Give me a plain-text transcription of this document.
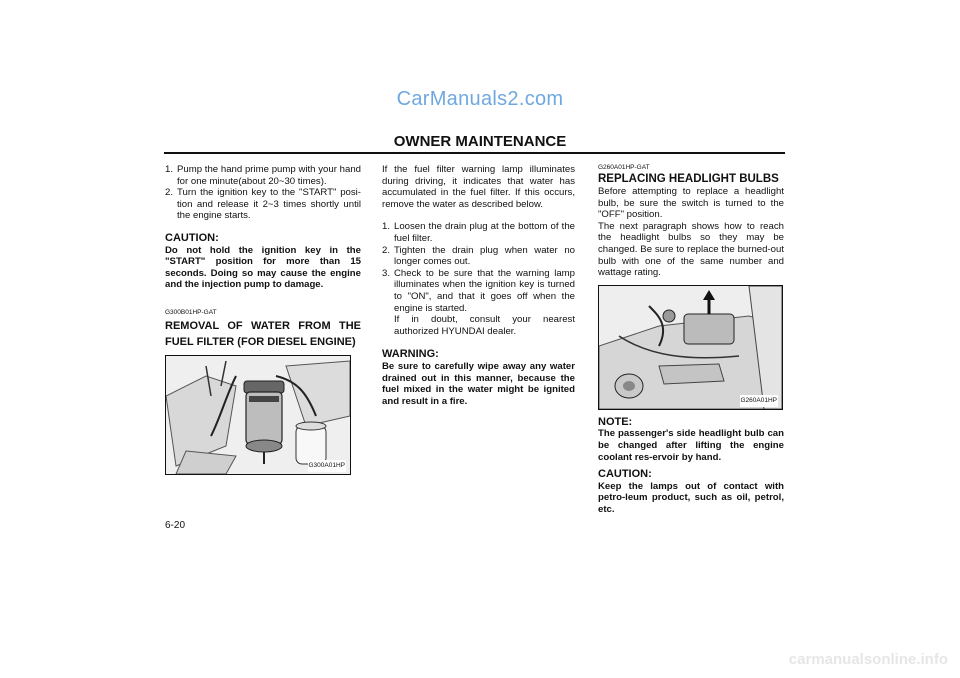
CarManuals2.com
OWNER MAINTENANCE
1. Pump the hand prime pump with your hand for one minute(about 20~30 times).
2. Turn the ignition key to the "START" posi-tion and release it 2~3 times shortly until the engine starts.
CAUTION:
Do not hold the ignition key in the "START" position for more than 15 seconds. Doing so may cause the engine and the injection pump to damage.
G300B01HP-GAT
REMOVAL OF WATER FROM THE FUEL FILTER (FOR DIESEL ENGINE)
G300A01HP
If the fuel filter warning lamp illuminates during driving, it indicates that water has accumulated in the fuel filter. If this occurs, remove the water as described below.
1. Loosen the drain plug at the bottom of the fuel filter.
2. Tighten the drain plug when water no longer comes out.
3. Check to be sure that the warning lamp illuminates when the ignition key is turned to "ON", and that it goes off when the engine is started.
If in doubt, consult your nearest authorized HYUNDAI dealer.
WARNING:
Be sure to carefully wipe away any water drained out in this manner, because the fuel mixed in the water might be ignited and result in a fire.
G260A01HP-GAT
REPLACING HEADLIGHT BULBS
Before attempting to replace a headlight bulb, be sure the switch is turned to the "OFF" position.
The next paragraph shows how to reach the headlight bulbs so they may be changed. Be sure to replace the burned-out bulb with one of the same number and wattage rating.
G260A01HP
NOTE:
The passenger's side headlight bulb can be changed after lifting the engine coolant res-ervoir by hand.
CAUTION:
Keep the lamps out of contact with petro-leum product, such as oil, petrol, etc.
6-20
carmanualsonline.info
